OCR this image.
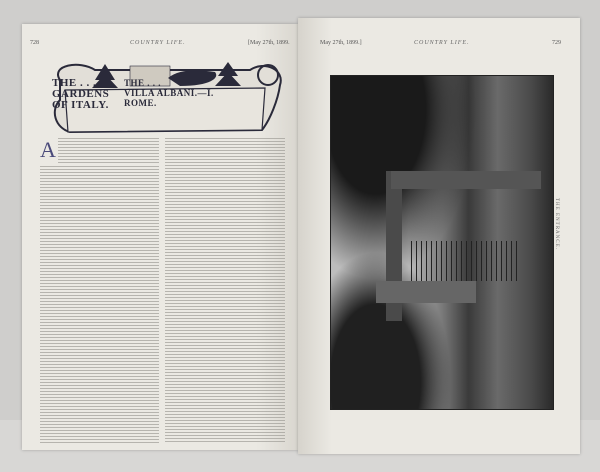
728	COUNTRY LIFE.	[May 27th, 1899.
THE . . .
GARDENS
OF ITALY.
THE . . .
VILLA ALBANI.—I.
ROME.
A
May 27th, 1899.]	COUNTRY LIFE.	729
THE ENTRANCE.
